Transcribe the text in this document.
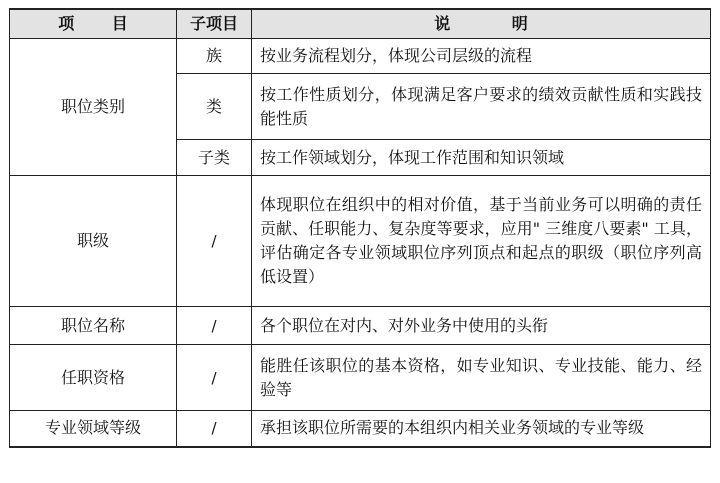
项 目	子项目	说 明
职位类别	族	按业务流程划分，体现公司层级的流程
	类	按工作性质划分，体现满足客户要求的绩效贡献性质和实践技能性质
	子类	按工作领域划分，体现工作范围和知识领域
职级	/	体现职位在组织中的相对价值，基于当前业务可以明确的责任贡献、任职能力、复杂度等要求，应用" 三维度八要素" 工具，评估确定各专业领域职位序列顶点和起点的职级（职位序列高低设置）
职位名称	/	各个职位在对内、对外业务中使用的头衔
任职资格	/	能胜任该职位的基本资格，如专业知识、专业技能、能力、经验等
专业领域等级	/	承担该职位所需要的本组织内相关业务领域的专业等级
